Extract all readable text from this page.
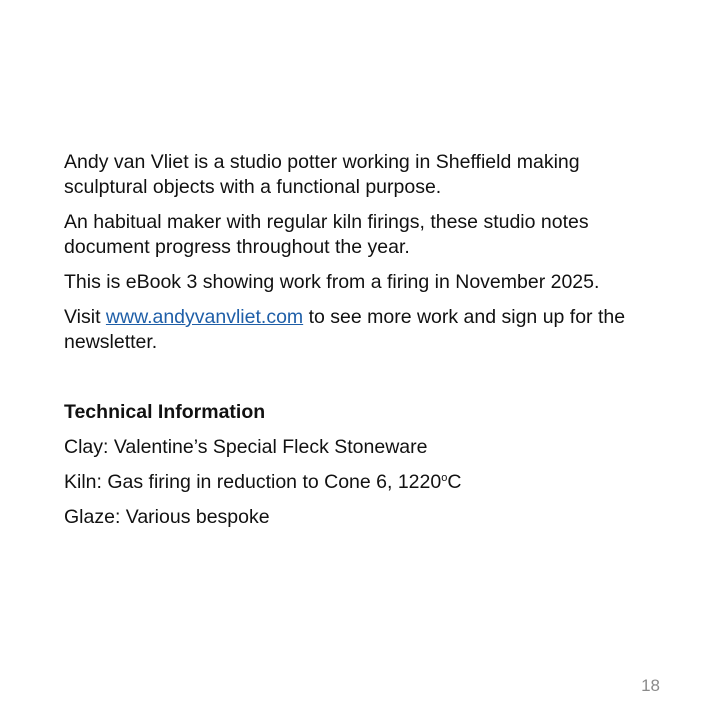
Andy van Vliet is a studio potter working in Sheffield making sculptural objects with a functional purpose.

An habitual maker with regular kiln firings, these studio notes document progress throughout the year.

This is eBook 3 showing work from a firing in November 2025.

Visit www.andyvanvliet.com to see more work and sign up for the newsletter.

Technical Information

Clay: Valentine’s Special Fleck Stoneware

Kiln: Gas firing in reduction to Cone 6, 1220$^o$C

Glaze: Various bespoke

18
